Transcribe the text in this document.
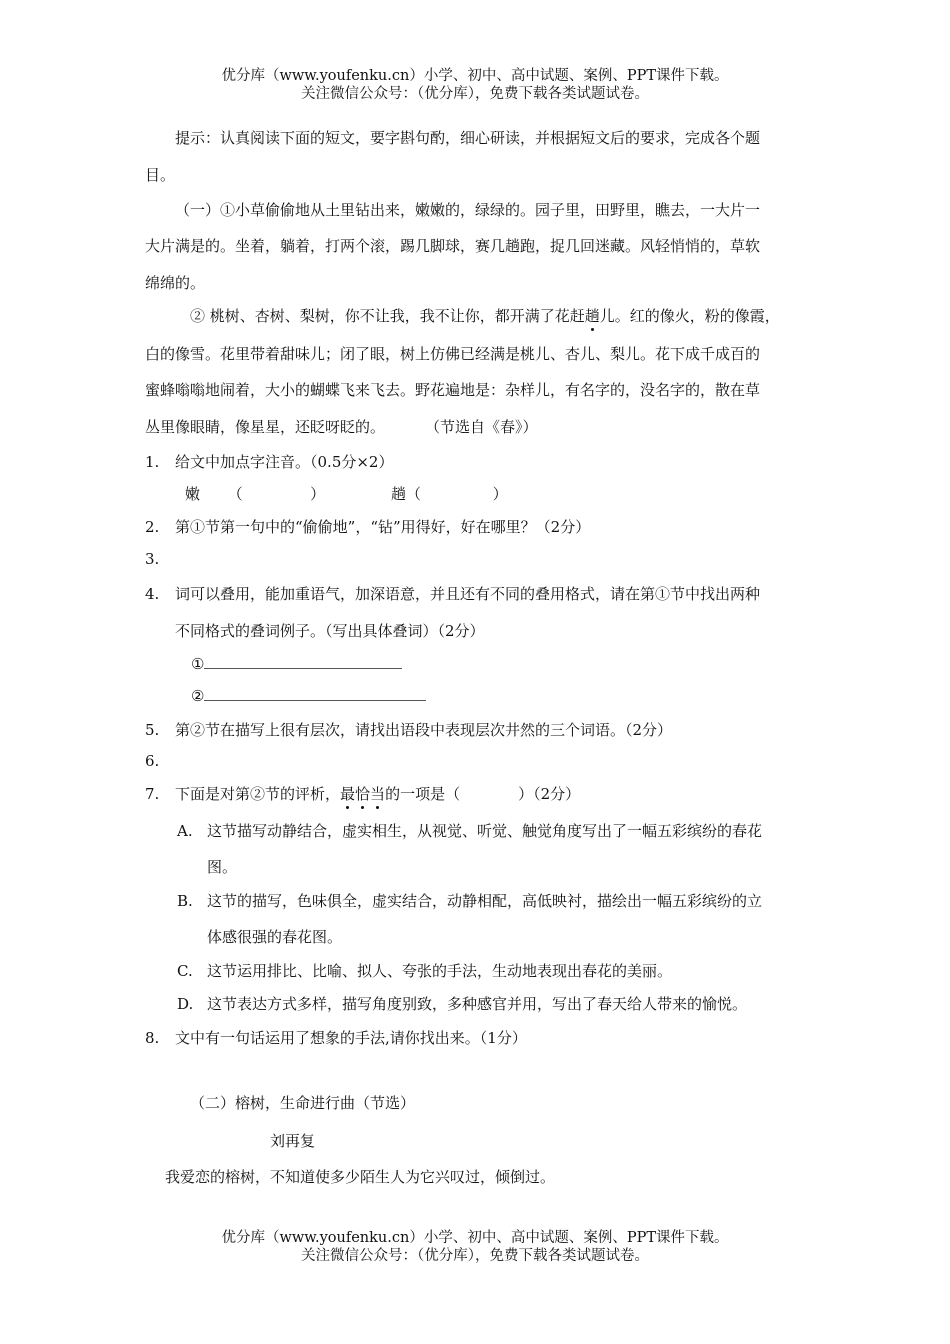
优分库（www.youfenku.cn）小学、初中、高中试题、案例、PPT课件下载。
关注微信公众号：（优分库），免费下载各类试题试卷。
提示：认真阅读下面的短文，要字斟句酌，细心研读，并根据短文后的要求，完成各个题
目。
（一）①小草偷偷地从土里钻出来，嫩嫩的，绿绿的。园子里，田野里，瞧去，一大片一
大片满是的。坐着，躺着，打两个滚，踢几脚球，赛几趟跑，捉几回迷藏。风轻悄悄的，草软
绵绵的。
② 桃树、杏树、梨树，你不让我，我不让你，都开满了花赶趟儿。红的像火，粉的像霞，
白的像雪。花里带着甜味儿；闭了眼，树上仿佛已经满是桃儿、杏儿、梨儿。花下成千成百的
蜜蜂嗡嗡地闹着，大小的蝴蝶飞来飞去。野花遍地是：杂样儿，有名字的，没名字的，散在草
丛里像眼睛，像星星，还眨呀眨的。	（节选自《春》）
1. 给文中加点字注音。（0.5分×2）
嫩 （	）	趟（	）
2. 第①节第一句中的“偷偷地”，“钻”用得好，好在哪里？（2分）
3.
4. 词可以叠用，能加重语气，加深语意，并且还有不同的叠用格式，请在第①节中找出两种
不同格式的叠词例子。（写出具体叠词）（2分）
①
②
5. 第②节在描写上很有层次，请找出语段中表现层次井然的三个词语。（2分）
6.
7. 下面是对第②节的评析，最恰当的一项是（	）（2分）
A. 这节描写动静结合，虚实相生，从视觉、听觉、触觉角度写出了一幅五彩缤纷的春花
图。
B. 这节的描写，色味俱全，虚实结合，动静相配，高低映衬，描绘出一幅五彩缤纷的立
体感很强的春花图。
C. 这节运用排比、比喻、拟人、夸张的手法，生动地表现出春花的美丽。
D. 这节表达方式多样，描写角度别致，多种感官并用，写出了春天给人带来的愉悦。
8. 文中有一句话运用了想象的手法,请你找出来。（1分）
（二）榕树，生命进行曲（节选）
刘再复
我爱恋的榕树，不知道使多少陌生人为它兴叹过，倾倒过。
优分库（www.youfenku.cn）小学、初中、高中试题、案例、PPT课件下载。
关注微信公众号：（优分库），免费下载各类试题试卷。
